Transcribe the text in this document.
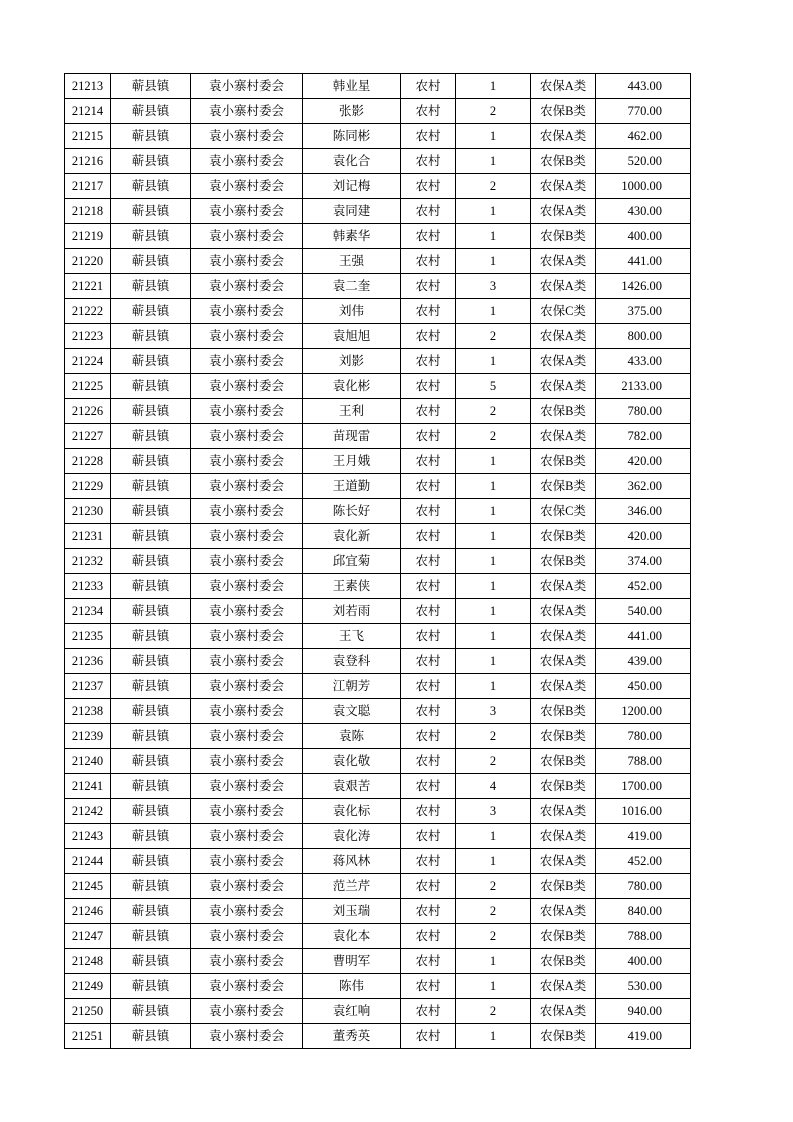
21213	蕲县镇	袁小寨村委会	韩业星	农村	1	农保A类	443.00
21214	蕲县镇	袁小寨村委会	张影	农村	2	农保B类	770.00
21215	蕲县镇	袁小寨村委会	陈同彬	农村	1	农保A类	462.00
21216	蕲县镇	袁小寨村委会	袁化合	农村	1	农保B类	520.00
21217	蕲县镇	袁小寨村委会	刘记梅	农村	2	农保A类	1000.00
21218	蕲县镇	袁小寨村委会	袁同建	农村	1	农保A类	430.00
21219	蕲县镇	袁小寨村委会	韩素华	农村	1	农保B类	400.00
21220	蕲县镇	袁小寨村委会	王强	农村	1	农保A类	441.00
21221	蕲县镇	袁小寨村委会	袁二奎	农村	3	农保A类	1426.00
21222	蕲县镇	袁小寨村委会	刘伟	农村	1	农保C类	375.00
21223	蕲县镇	袁小寨村委会	袁旭旭	农村	2	农保A类	800.00
21224	蕲县镇	袁小寨村委会	刘影	农村	1	农保A类	433.00
21225	蕲县镇	袁小寨村委会	袁化彬	农村	5	农保A类	2133.00
21226	蕲县镇	袁小寨村委会	王利	农村	2	农保B类	780.00
21227	蕲县镇	袁小寨村委会	苗现雷	农村	2	农保A类	782.00
21228	蕲县镇	袁小寨村委会	王月娥	农村	1	农保B类	420.00
21229	蕲县镇	袁小寨村委会	王道勤	农村	1	农保B类	362.00
21230	蕲县镇	袁小寨村委会	陈长好	农村	1	农保C类	346.00
21231	蕲县镇	袁小寨村委会	袁化新	农村	1	农保B类	420.00
21232	蕲县镇	袁小寨村委会	邱宜菊	农村	1	农保B类	374.00
21233	蕲县镇	袁小寨村委会	王素侠	农村	1	农保A类	452.00
21234	蕲县镇	袁小寨村委会	刘若雨	农村	1	农保A类	540.00
21235	蕲县镇	袁小寨村委会	王飞	农村	1	农保A类	441.00
21236	蕲县镇	袁小寨村委会	袁登科	农村	1	农保A类	439.00
21237	蕲县镇	袁小寨村委会	江朝芳	农村	1	农保A类	450.00
21238	蕲县镇	袁小寨村委会	袁文聪	农村	3	农保B类	1200.00
21239	蕲县镇	袁小寨村委会	袁陈	农村	2	农保B类	780.00
21240	蕲县镇	袁小寨村委会	袁化敬	农村	2	农保B类	788.00
21241	蕲县镇	袁小寨村委会	袁艰苦	农村	4	农保B类	1700.00
21242	蕲县镇	袁小寨村委会	袁化标	农村	3	农保A类	1016.00
21243	蕲县镇	袁小寨村委会	袁化涛	农村	1	农保A类	419.00
21244	蕲县镇	袁小寨村委会	蒋风林	农村	1	农保A类	452.00
21245	蕲县镇	袁小寨村委会	范兰芹	农村	2	农保B类	780.00
21246	蕲县镇	袁小寨村委会	刘玉瑞	农村	2	农保A类	840.00
21247	蕲县镇	袁小寨村委会	袁化本	农村	2	农保B类	788.00
21248	蕲县镇	袁小寨村委会	曹明军	农村	1	农保B类	400.00
21249	蕲县镇	袁小寨村委会	陈伟	农村	1	农保A类	530.00
21250	蕲县镇	袁小寨村委会	袁红响	农村	2	农保A类	940.00
21251	蕲县镇	袁小寨村委会	董秀英	农村	1	农保B类	419.00
